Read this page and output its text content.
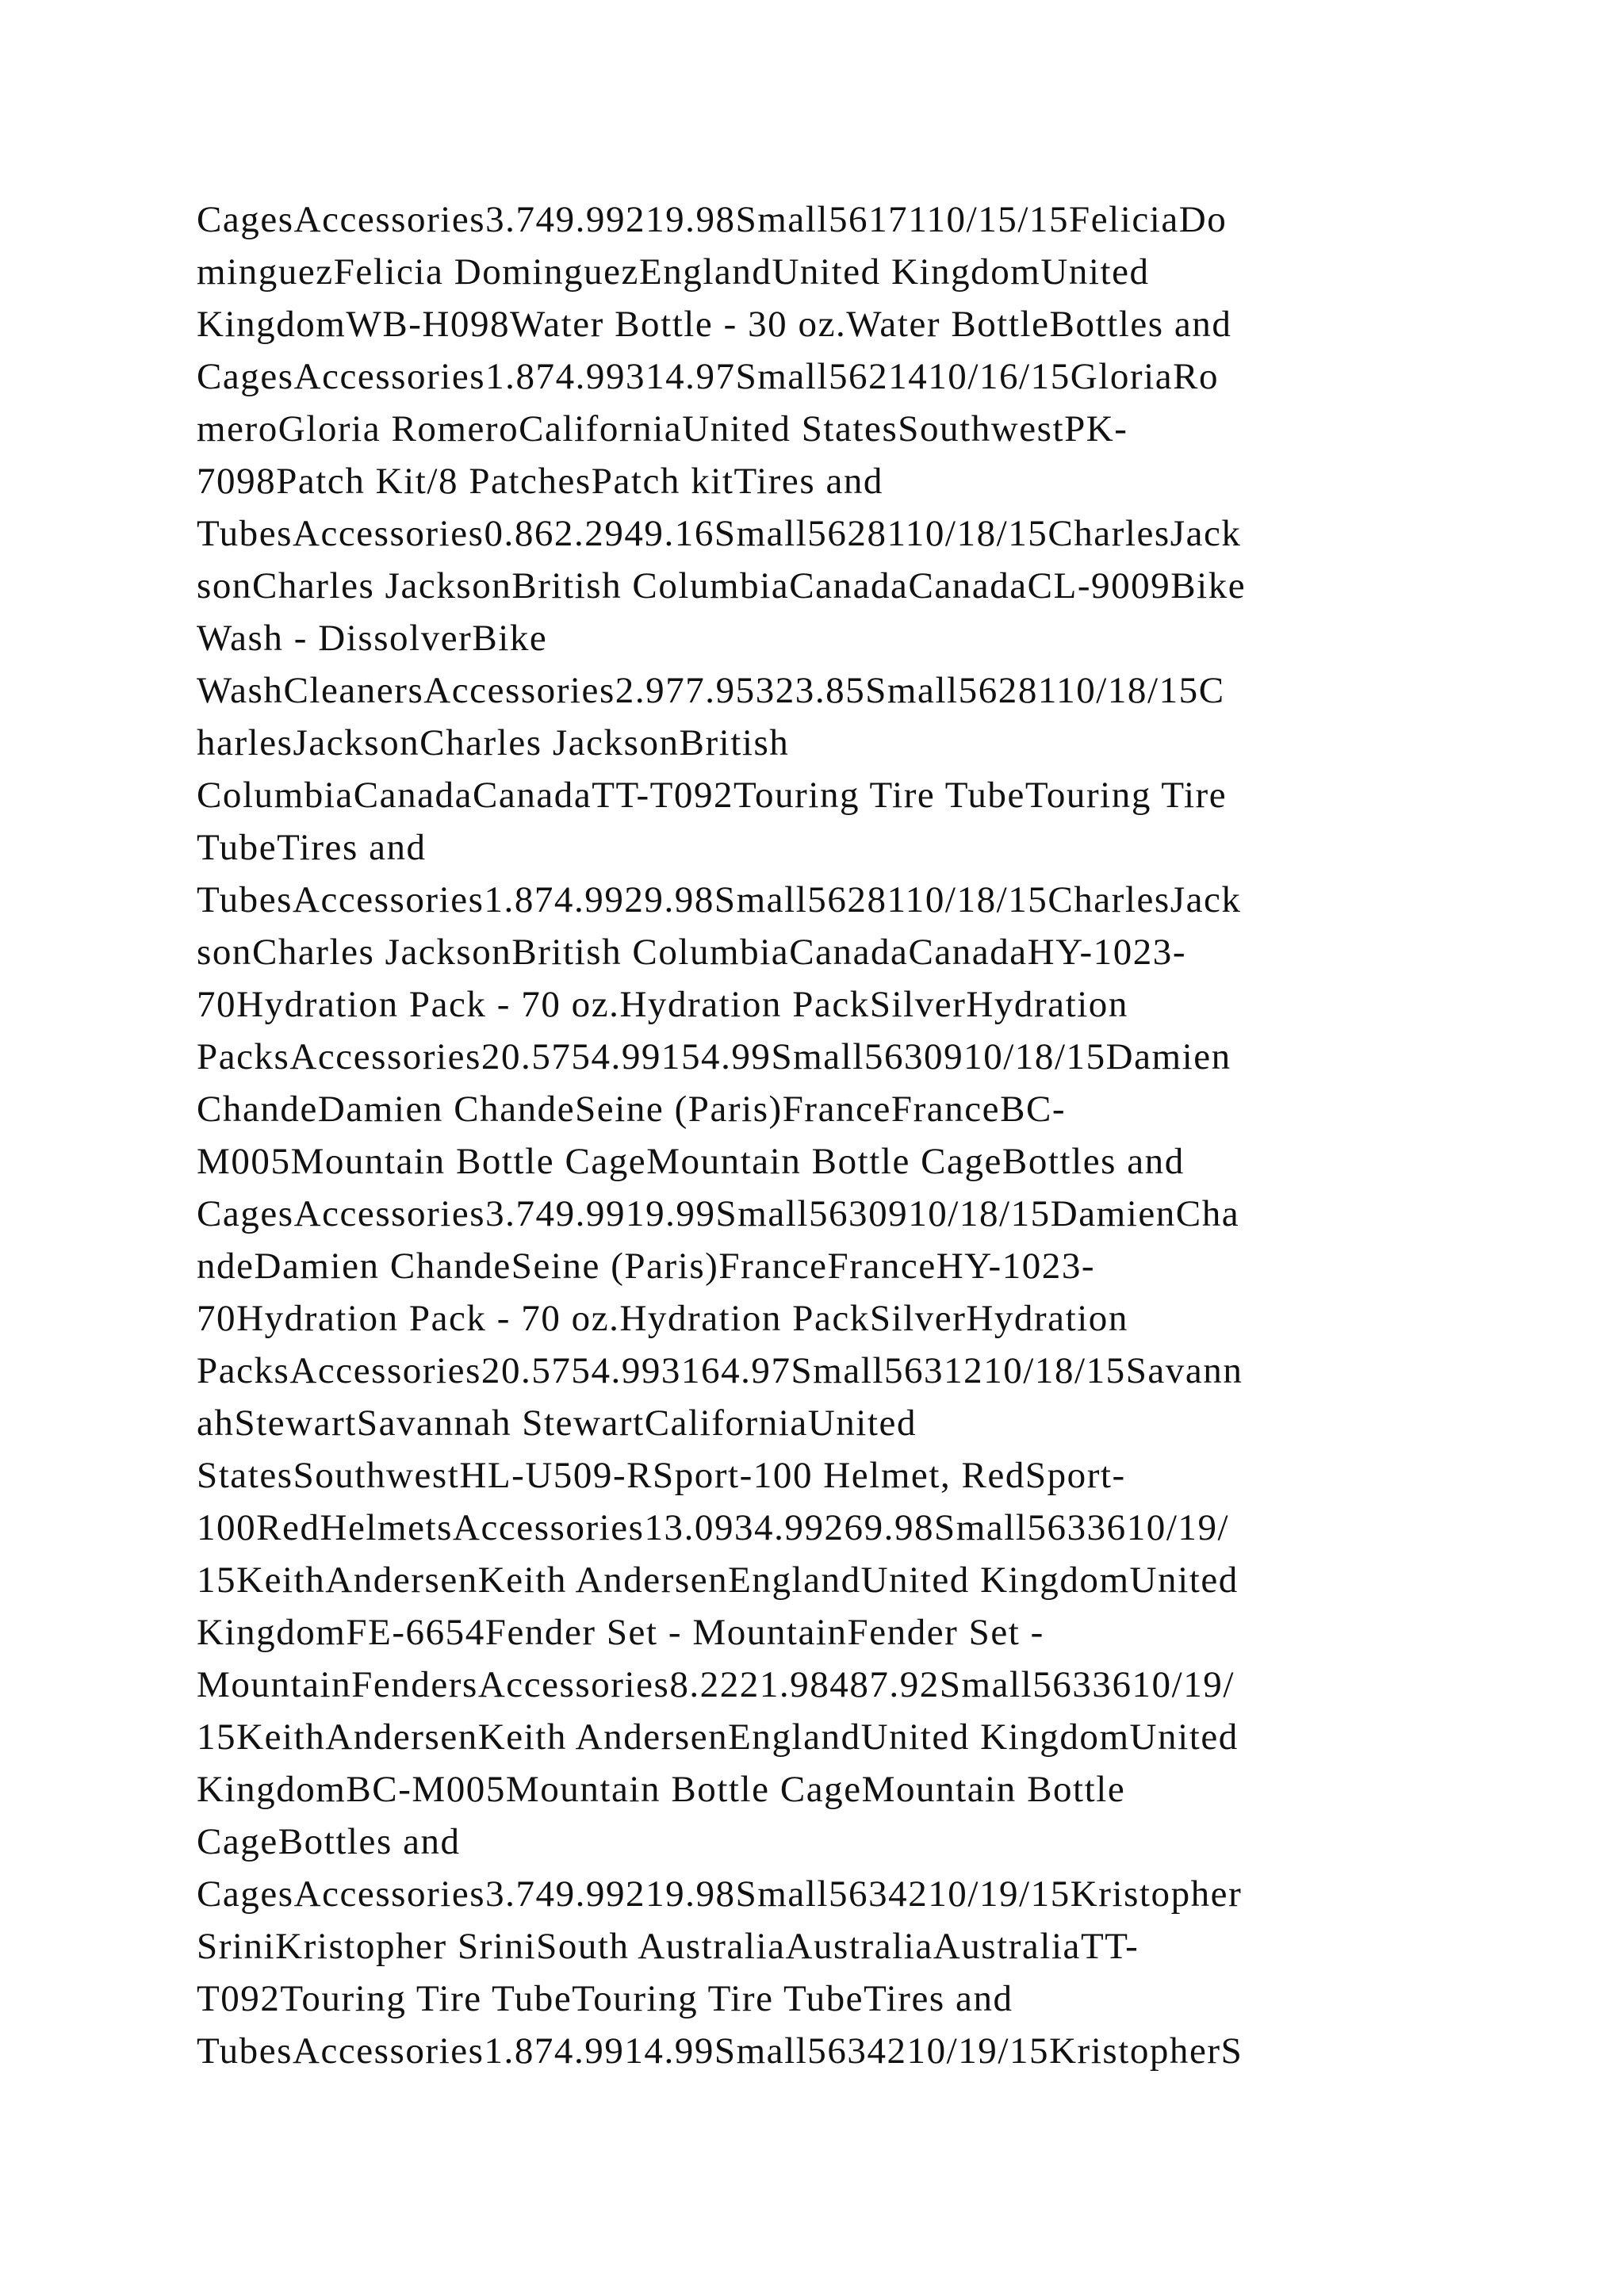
CagesAccessories3.749.99219.98Small5617110/15/15FeliciaDo
minguezFelicia DominguezEnglandUnited KingdomUnited
KingdomWB-H098Water Bottle - 30 oz.Water BottleBottles and
CagesAccessories1.874.99314.97Small5621410/16/15GloriaRo
meroGloria RomeroCaliforniaUnited StatesSouthwestPK-
7098Patch Kit/8 PatchesPatch kitTires and
TubesAccessories0.862.2949.16Small5628110/18/15CharlesJack
sonCharles JacksonBritish ColumbiaCanadaCanadaCL-9009Bike
Wash - DissolverBike
WashCleanersAccessories2.977.95323.85Small5628110/18/15C
harlesJacksonCharles JacksonBritish
ColumbiaCanadaCanadaTT-T092Touring Tire TubeTouring Tire
TubeTires and
TubesAccessories1.874.9929.98Small5628110/18/15CharlesJack
sonCharles JacksonBritish ColumbiaCanadaCanadaHY-1023-
70Hydration Pack - 70 oz.Hydration PackSilverHydration
PacksAccessories20.5754.99154.99Small5630910/18/15Damien
ChandeDamien ChandeSeine (Paris)FranceFranceBC-
M005Mountain Bottle CageMountain Bottle CageBottles and
CagesAccessories3.749.9919.99Small5630910/18/15DamienCha
ndeDamien ChandeSeine (Paris)FranceFranceHY-1023-
70Hydration Pack - 70 oz.Hydration PackSilverHydration
PacksAccessories20.5754.993164.97Small5631210/18/15Savann
ahStewartSavannah StewartCaliforniaUnited
StatesSouthwestHL-U509-RSport-100 Helmet, RedSport-
100RedHelmetsAccessories13.0934.99269.98Small5633610/19/
15KeithAndersenKeith AndersenEnglandUnited KingdomUnited
KingdomFE-6654Fender Set - MountainFender Set -
MountainFendersAccessories8.2221.98487.92Small5633610/19/
15KeithAndersenKeith AndersenEnglandUnited KingdomUnited
KingdomBC-M005Mountain Bottle CageMountain Bottle
CageBottles and
CagesAccessories3.749.99219.98Small5634210/19/15Kristopher
SriniKristopher SriniSouth AustraliaAustraliaAustraliaTT-
T092Touring Tire TubeTouring Tire TubeTires and
TubesAccessories1.874.9914.99Small5634210/19/15KristopherS
